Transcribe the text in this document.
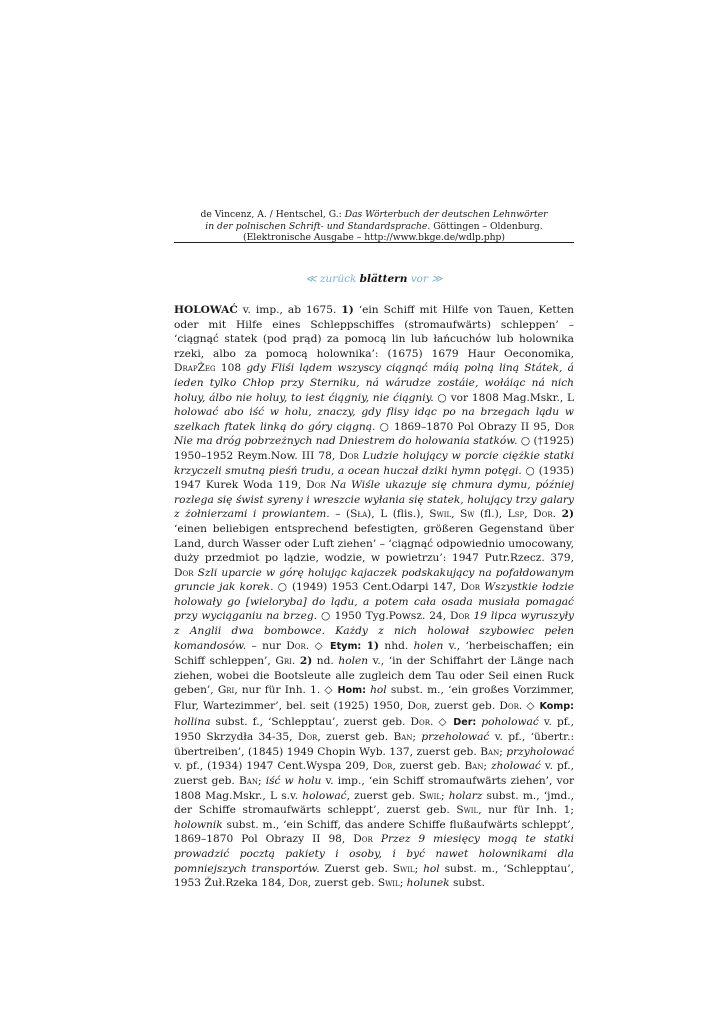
de Vincenz, A. / Hentschel, G.: Das Wörterbuch der deutschen Lehnwörter
in der polnischen Schrift- und Standardsprache. Göttingen – Oldenburg.
(Elektronische Ausgabe – http://www.bkge.de/wdlp.php)
≪ zurück blättern vor ≫
HOLOWAĆ v. imp., ab 1675. 1) ‘ein Schiff mit Hilfe von Tauen, Ketten oder mit Hilfe eines Schleppschiffes (stromaufwärts) schleppen’ – ‘ciągnąć statek (pod prąd) za pomocą lin lub łańcuchów lub holownika rzeki, albo za pomocą holownika’: (1675) 1679 Haur Oeconomika, DrapŻeg 108 gdy Fliśi lądem wszyscy ciągnąć máią polną liną Státek, á ieden tylko Chłop przy Sterniku, ná wárudze zostáie, wołáiąc ná nich holuy, álbo nie holuy, to iest ćiągniy, nie ćiągniy. ○ vor 1808 Mag.Mskr., L holować abo iść w holu, znaczy, gdy flisy idąc po na brzegach lądu w szelkach ftatek linką do góry ciągną. ○ 1869–1870 Pol Obrazy II 95, Dor Nie ma dróg pobrzeżnych nad Dniestrem do holowania statków. ○ (†1925) 1950–1952 Reym.Now. III 78, Dor Ludzie holujący w porcie ciężkie statki krzyczeli smutną pieśń trudu, a ocean huczał dziki hymn potęgi. ○ (1935) 1947 Kurek Woda 119, Dor Na Wiśle ukazuje się chmura dymu, później rozlega się świst syreny i wreszcie wyłania się statek, holujący trzy galary z żołnierzami i prowiantem. – (Sła), L (flis.), Swil, Sw (fl.), Lsp, Dor. 2) ‘einen beliebigen entsprechend befestigten, größeren Gegenstand über Land, durch Wasser oder Luft ziehen’ – ‘ciągnąć odpowiednio umocowany, duży przedmiot po lądzie, wodzie, w powietrzu’: 1947 Putr.Rzecz. 379, Dor Szli uparcie w górę holując kajaczek podskakujący na pofałdowanym gruncie jak korek. ○ (1949) 1953 Cent.Odarpi 147, Dor Wszystkie łodzie holowały go [wieloryba] do lądu, a potem cała osada musiała pomagać przy wyciąganiu na brzeg. ○ 1950 Tyg.Powsz. 24, Dor 19 lipca wyruszyły z Anglii dwa bombowce. Każdy z nich holował szybowiec pełen komandosów. – nur Dor. ◇ Etym: 1) nhd. holen v., ‘herbeischaffen; ein Schiff schleppen’, Gri. 2) nd. holen v., ‘in der Schiffahrt der Länge nach ziehen, wobei die Bootsleute alle zugleich dem Tau oder Seil einen Ruck geben’, Gri, nur für Inh. 1. ◇ Hom: hol subst. m., ‘ein großes Vorzimmer, Flur, Wartezimmer’, bel. seit (1925) 1950, Dor, zuerst geb. Dor. ◇ Komp: hollina subst. f., ‘Schlepptau’, zuerst geb. Dor. ◇ Der: poholować v. pf., 1950 Skrzydła 34-35, Dor, zuerst geb. Ban; przeholować v. pf., ‘übertr.: übertreiben’, (1845) 1949 Chopin Wyb. 137, zuerst geb. Ban; przyholować v. pf., (1934) 1947 Cent.Wyspa 209, Dor, zuerst geb. Ban; zholować v. pf., zuerst geb. Ban; iść w holu v. imp., ‘ein Schiff stromaufwärts ziehen’, vor 1808 Mag.Mskr., L s.v. holować, zuerst geb. Swil; holarz subst. m., ‘jmd., der Schiffe stromaufwärts schleppt’, zuerst geb. Swil, nur für Inh. 1; holownik subst. m., ‘ein Schiff, das andere Schiffe flußaufwärts schleppt’, 1869–1870 Pol Obrazy II 98, Dor Przez 9 miesięcy mogą te statki prowadzić pocztą pakiety i osoby, i być nawet holownikami dla pomniejszych transportów. Zuerst geb. Swil; hol subst. m., ‘Schlepptau’, 1953 Żuł.Rzeka 184, Dor, zuerst geb. Swil; holunek subst.
